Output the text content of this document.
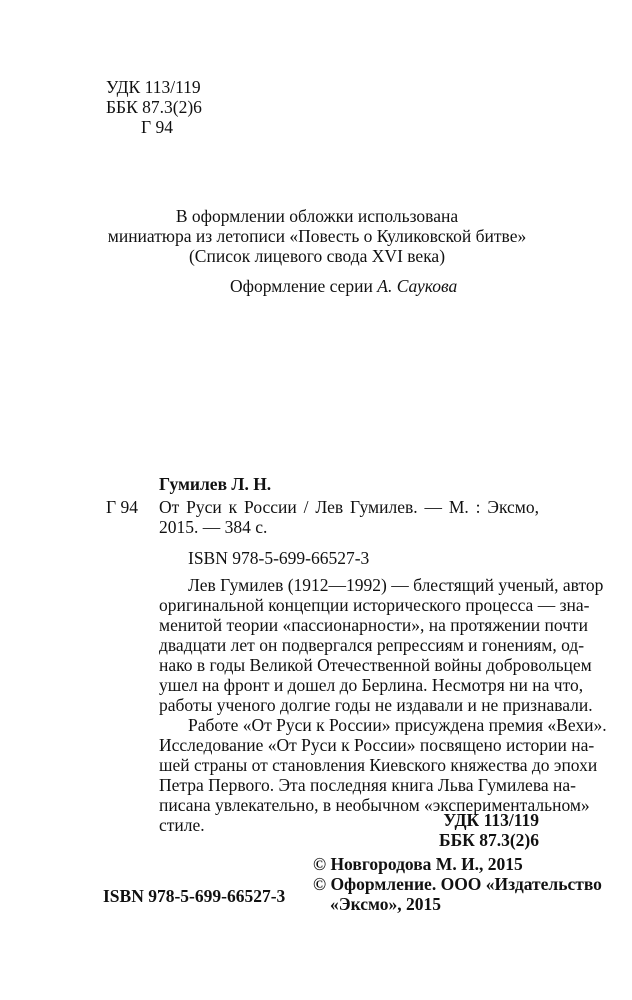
УДК 113/119
ББК 87.3(2)6
Г 94
В оформлении обложки использована
миниатюра из летописи «Повесть о Куликовской битве»
(Список лицевого свода XVI века)
Оформление серии А. Саукова
Гумилев Л. Н.
Г 94 От Руси к России / Лев Гумилев. — М. : Эксмо,
2015. — 384 с.
ISBN 978-5-699-66527-3
Лев Гумилев (1912—1992) — блестящий ученый, автор
оригинальной концепции исторического процесса — зна-
менитой теории «пассионарности», на протяжении почти
двадцати лет он подвергался репрессиям и гонениям, од-
нако в годы Великой Отечественной войны добровольцем
ушел на фронт и дошел до Берлина. Несмотря ни на что,
работы ученого долгие годы не издавали и не признавали.
Работе «От Руси к России» присуждена премия «Вехи».
Исследование «От Руси к России» посвящено истории на-
шей страны от становления Киевского княжества до эпохи
Петра Первого. Эта последняя книга Льва Гумилева на-
писана увлекательно, в необычном «экспериментальном»
стиле.	УДК 113/119
ББК 87.3(2)6
© Новгородова М. И., 2015
© Оформление. ООО «Издательство
«Эксмо», 2015
ISBN 978-5-699-66527-3
